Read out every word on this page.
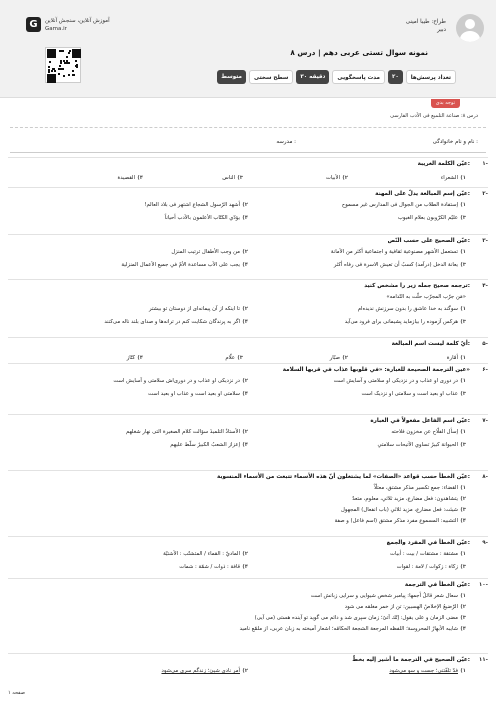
G	آموزش آنلاین، سنجش آنلاین
Gama.ir
طراح: طیبا امینی
دبیر
نمونه سوال تستی عربی دهم | درس ۸
تعداد پرسش‌ها
۲۰
مدت پاسخگویی
۳۰ دقیقه
سطح سختی
متوسط
توجه بدی
درس ۸: صناعة التلميع فی الأدب الفارسی
نام و نام خانوادگی :
مدرسه :
۱-
عيّن الكلمة الغريبة:
۱)الشعراء
۲)الأبيات
۳)الناس
۴)القصيدة
۲-
عيّن إسم المبالغة يدلّ على المهنة:
۱)إستفادة الطلاب من الجوال فی المدارس غیر مسموح
۲)أشهد الرّسول الشجاع اشتهر فی بلاد العالم!
۳)عليّم الكرّوبون بعلام الغيوب
۴)يؤدّي الكتّاب الأعلمون بالأدب أحياناً
۳-
عيّن الصحيح على حسب النّص:
۱)تستعمل الأشهر مصنوعية ثقافية و اجتماعية أکثر من الأمانة
۲)من وجب الأطفال ترتيب المنزل
۳)يعانة الدخل (درآمد) کسبُ أن تعیش الاسرة فی رفاه أکثر
۴)يجب على الأب مساعدة الأمّ في جميع الأعمال المنزلية
۴-
ترجمه صحیح جمله زیر را مشخص کنید:
«مَن جرّب المجرّب حلّت به النّدامه»
۱)سوگند به خدا عاشق را بدون سرزنش ندیده‌ام
۲)تا اینکه از آن پیمانه‌ای از دوستان تو بیشتر
۳)هرکس آزموده را بیازماید پشیمانی برای فرود می‌آید
۴)اگر به پرندگان شکایت کنم در ترانه‌ها و صدای بلند ناله می‌کنند
۵-
أيّ كلمة ليست اسم المبالغة:
۱)أمّارة
۲)صبّار
۳)علّام
۴)كتّاز
۶-
عين الترجمة الصحيحة للعبارة: «في قلوبها عذاب في قربها السلامة»
۱)در دوری او عذاب و در نزدیکی او سلامتی و آسایش است
۲)در نزدیکی او عذاب و در دوری‌اش سلامتی و آسایش است
۳)عذاب او بعید است و سلامتی او نزدیک است
۴)سلامتی او بعید است و عذاب او بعید است
۷-
عيّن اسم الفاعل مفعولاً في العبارة:
۱)إسأل الفلّاح عن مخزون فلاحته
۲)الأستاذُ التلميذَ سؤالت کلام الصغيرة التی نهار شغلهم
۳)الحيوانة کبيرُ تساوي الأتيحات سلامتي
۴)إعزاز الشعبُ الکبيرُ سلّط عليهم
۸-
عيّن الخطأ حسب قواعد «الصفات» لما يشتغلون أنّ هذه الأسماء تتبعث من الأسماء المنسوبة:
۱)القضاء: جمع تکسير مذکر مشتق، معتلّاً
۲)يتشاهدون: فعل مضارع، مزيد ثلاثي، معلوم، متعدّ
۳)شيئت: فعل مضارع، مزيد ثلاثي (باب انفعال) المجهول
۴)التشبيه: المسموع مفرد مذکر مشتق (اسم فاعل) و صفة
۹-
عيّن الخطأ في المفرد والجمع:
۱)مشتقة : مشتقات / بيت : أبيات
۲)الماديّ : القماء / المتشنّب : الأشتيّة
۳)زكاة : زكوات / لامة : لقوات
۴)قافة : ذوات / شمّة : شمات
۱۰-
عيّن الخطأ في الترجمة:
۱)سعال شعر قائلُ أجمها: پیامبر شخص شیوایی و سرایی زبانش است
۲)الرّضیعُ الإخلاصُ الهسبین: تن از خمر مغلقه می شود
۳)مضى الزمان و على يقول: إنّك آتیٌ؛ زمان سپری شد و دائم می گوید تو آینده هستی (می آیی)
۴)شايبه الأبهارُ المحروسة؛ اللفظه المرجعة الشجعة الحکامُه؛ اشعار آمیخته به زبان عربی، از ملمّع نامید
۱۱-
عيّن الصحيح في الترجمة ما أشير إليه بخطّ:
۱)فدّ تلفّتني؛ جست و سو می‌شود
۲)أمر نادي شیئ؛ زندگم سری می‌شود
صفحه ۱
